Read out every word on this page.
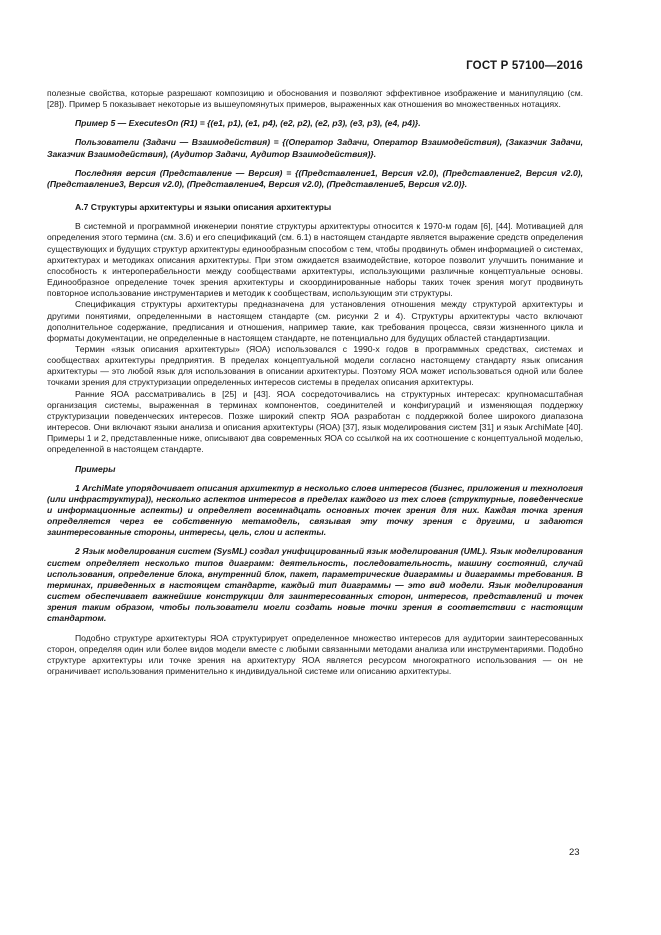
ГОСТ Р 57100—2016

полезные свойства, которые разрешают композицию и обоснования и позволяют эффективное изображение и манипуляцию (см. [28]). Пример 5 показывает некоторые из вышеупомянутых примеров, выраженных как отношения во множественных нотациях.

Пример 5 — ExecutesOn (R1) = {(e1, p1), (e1, p4), (e2, p2), (e2, p3), (e3, p3), (e4, p4)}.

Пользователи (Задачи — Взаимодействия) = {(Оператор Задачи, Оператор Взаимодействия), (Заказчик Задачи, Заказчик Взаимодействия), (Аудитор Задачи, Аудитор Взаимодействия)}.

Последняя версия (Представление — Версия) = {(Представление1, Версия v2.0), (Представление2, Версия v2.0), (Представление3, Версия v2.0), (Представление4, Версия v2.0), (Представление5, Версия v2.0)}.

А.7 Структуры архитектуры и языки описания архитектуры

В системной и программной инженерии понятие структуры архитектуры относится к 1970-м годам [6], [44]. Мотивацией для определения этого термина (см. 3.6) и его спецификаций (см. 6.1) в настоящем стандарте является выражение средств определения существующих и будущих структур архитектуры единообразным способом с тем, чтобы продвинуть обмен информацией о системах, архитектурах и методиках описания архитектуры. При этом ожидается взаимодействие, которое позволит улучшить понимание и способность к интероперабельности между сообществами архитектуры, использующими различные концептуальные основы. Единообразное определение точек зрения архитектуры и скоординированные наборы таких точек зрения могут продвинуть повторное использование инструментариев и методик к сообществам, использующим эти структуры.

Спецификация структуры архитектуры предназначена для установления отношения между структурой архитектуры и другими понятиями, определенными в настоящем стандарте (см. рисунки 2 и 4). Структуры архитектуры часто включают дополнительное содержание, предписания и отношения, например такие, как требования процесса, связи жизненного цикла и форматы документации, не определенные в настоящем стандарте, не потенциально для будущих областей стандартизации.

Термин «язык описания архитектуры» (ЯОА) использовался с 1990-х годов в программных средствах, системах и сообществах архитектуры предприятия. В пределах концептуальной модели согласно настоящему стандарту язык описания архитектуры — это любой язык для использования в описании архитектуры. Поэтому ЯОА может использоваться одной или более точками зрения для структуризации определенных интересов системы в пределах описания архитектуры.

Ранние ЯОА рассматривались в [25] и [43]. ЯОА сосредоточивались на структурных интересах: крупномасштабная организация системы, выраженная в терминах компонентов, соединителей и конфигураций и изменяющая поддержку структуризации поведенческих интересов. Позже широкий спектр ЯОА разработан с поддержкой более широкого диапазона интересов. Они включают языки анализа и описания архитектуры (ЯОА) [37], язык моделирования систем [31] и язык ArchiMate [40]. Примеры 1 и 2, представленные ниже, описывают два современных ЯОА со ссылкой на их соотношение с концептуальной моделью, определенной в настоящем стандарте.

Примеры

1 ArchiMate упорядочивает описания архитектур в несколько слоев интересов (бизнес, приложения и технология (или инфраструктура)), несколько аспектов интересов в пределах каждого из тех слоев (структурные, поведенческие и информационные аспекты) и определяет восемнадцать основных точек зрения для них. Каждая точка зрения определяется через ее собственную метамодель, связывая эту точку зрения с другими, и задаются заинтересованные стороны, интересы, цель, слои и аспекты.

2 Язык моделирования систем (SysML) создал унифицированный язык моделирования (UML). Язык моделирования систем определяет несколько типов диаграмм: деятельность, последовательность, машину состояний, случай использования, определение блока, внутренний блок, пакет, параметрические диаграммы и диаграммы требования. В терминах, приведенных в настоящем стандарте, каждый тип диаграммы — это вид модели. Язык моделирования систем обеспечивает важнейшие конструкции для заинтересованных сторон, интересов, представлений и точек зрения таким образом, чтобы пользователи могли создать новые точки зрения в соответствии с настоящим стандартом.

Подобно структуре архитектуры ЯОА структурирует определенное множество интересов для аудитории заинтересованных сторон, определяя один или более видов модели вместе с любыми связанными методами анализа или инструментариями. Подобно структуре архитектуры или точке зрения на архитектуру ЯОА является ресурсом многократного использования — он не ограничивает использования применительно к индивидуальной системе или описанию архитектуры.

23
